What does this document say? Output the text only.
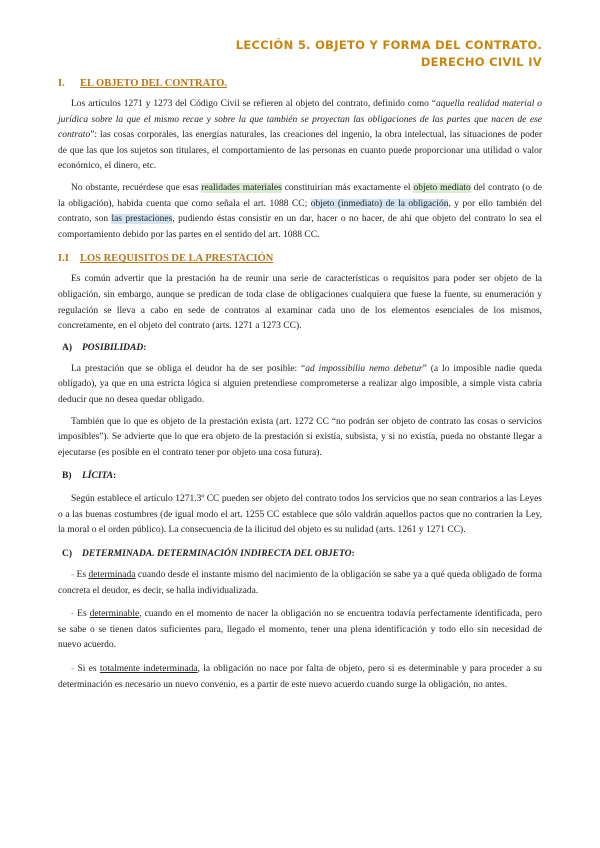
LECCIÓN 5. OBJETO Y FORMA DEL CONTRATO.
DERECHO CIVIL IV
I. EL OBJETO DEL CONTRATO.

Los artículos 1271 y 1273 del Código Civil se refieren al objeto del contrato, definido como “aquella realidad material o jurídica sobre la que el mismo recae y sobre la que también se proyectan las obligaciones de las partes que nacen de ese contrato”: las cosas corporales, las energías naturales, las creaciones del ingenio, la obra intelectual, las situaciones de poder de que las que los sujetos son titulares, el comportamiento de las personas en cuanto puede proporcionar una utilidad o valor económico, el dinero, etc.

No obstante, recuérdese que esas realidades materiales constituirían más exactamente el objeto mediato del contrato (o de la obligación), habida cuenta que como señala el art. 1088 CC; objeto (inmediato) de la obligación, y por ello también del contrato, son las prestaciones, pudiendo éstas consistir en un dar, hacer o no hacer, de ahí que objeto del contrato lo sea el comportamiento debido por las partes en el sentido del art. 1088 CC.

I.I LOS REQUISITOS DE LA PRESTACIÓN

Es común advertir que la prestación ha de reunir una serie de características o requisitos para poder ser objeto de la obligación, sin embargo, aunque se predican de toda clase de obligaciones cualquiera que fuese la fuente, su enumeración y regulación se lleva a cabo en sede de contratos al examinar cada uno de los elementos esenciales de los mismos, concretamente, en el objeto del contrato (arts. 1271 a 1273 CC).

A) POSIBILIDAD:

La prestación que se obliga el deudor ha de ser posible: “ad impossibilia nemo debetur” (a lo imposible nadie queda obligado), ya que en una estricta lógica si alguien pretendiese comprometerse a realizar algo imposible, a simple vista cabría deducir que no desea quedar obligado.

También que lo que es objeto de la prestación exista (art. 1272 CC “no podrán ser objeto de contrato las cosas o servicios imposibles”). Se advierte que lo que era objeto de la prestación si existía, subsista, y si no existía, pueda no obstante llegar a ejecutarse (es posible en el contrato tener por objeto una cosa futura).

B) LÍCITA:

Según establece el artículo 1271.3º CC pueden ser objeto del contrato todos los servicios que no sean contrarios a las Leyes o a las buenas costumbres (de igual modo el art. 1255 CC establece que sólo valdrán aquellos pactos que no contrarien la Ley, la moral o el orden público). La consecuencia de la ilicitud del objeto es su nulidad (arts. 1261 y 1271 CC).

C) DETERMINADA. DETERMINACIÓN INDIRECTA DEL OBJETO:

- Es determinada cuando desde el instante mismo del nacimiento de la obligación se sabe ya a qué queda obligado de forma concreta el deudor, es decir, se halla individualizada.

- Es determinable, cuando en el momento de nacer la obligación no se encuentra todavía perfectamente identificada, pero se sabe o se tienen datos suficientes para, llegado el momento, tener una plena identificación y todo ello sin necesidad de nuevo acuerdo.

- Si es totalmente indeterminada, la obligación no nace por falta de objeto, pero si es determinable y para proceder a su determinación es necesario un nuevo convenio, es a partir de este nuevo acuerdo cuando surge la obligación, no antes.
